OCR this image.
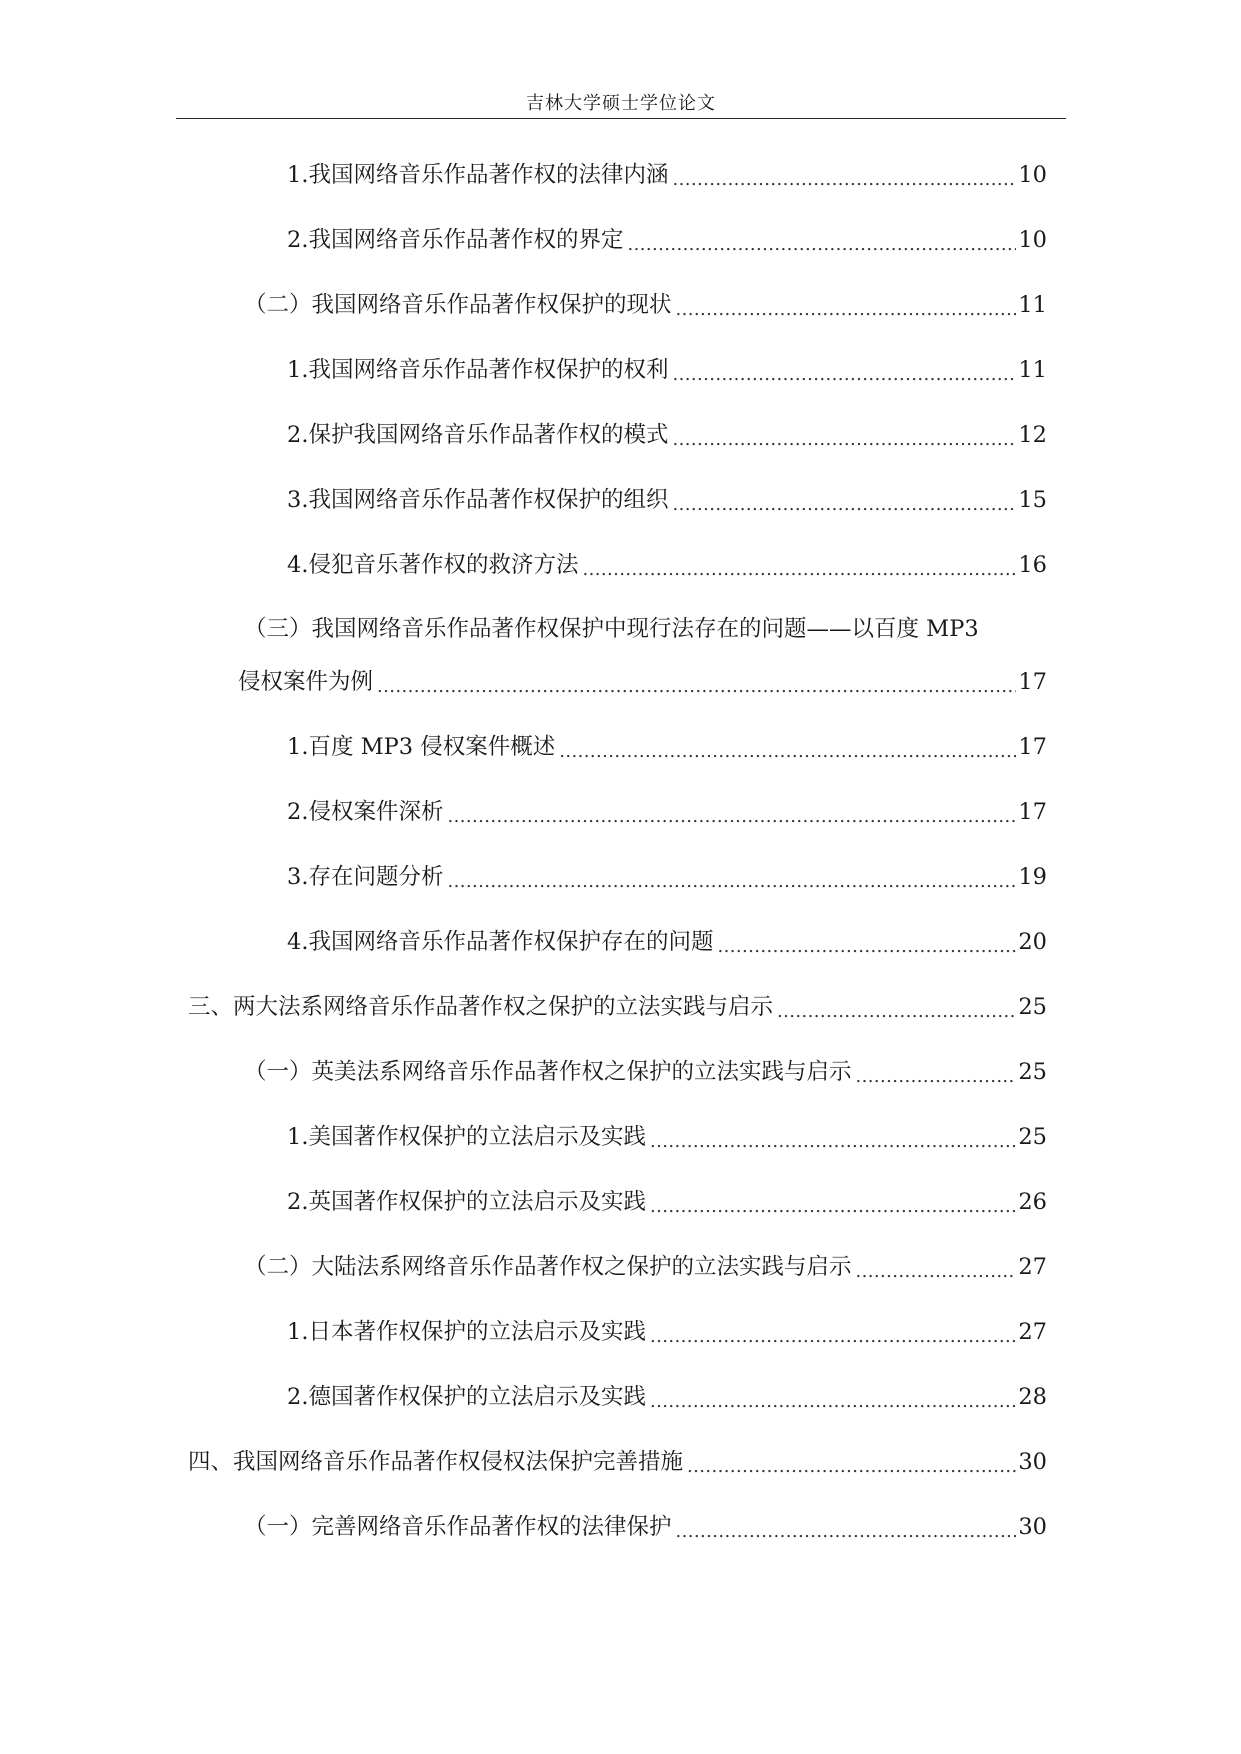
吉林大学硕士学位论文
1.我国网络音乐作品著作权的法律内涵 .....	10
2.我国网络音乐作品著作权的界定 .....	10
（二）我国网络音乐作品著作权保护的现状 .....	11
1.我国网络音乐作品著作权保护的权利 .....	11
2.保护我国网络音乐作品著作权的模式 .....	12
3.我国网络音乐作品著作权保护的组织 .....	15
4.侵犯音乐著作权的救济方法 .....	16
（三）我国网络音乐作品著作权保护中现行法存在的问题——以百度 MP3
侵权案件为例 .....	17
1.百度 MP3 侵权案件概述 .....	17
2.侵权案件深析 .....	17
3.存在问题分析 .....	19
4.我国网络音乐作品著作权保护存在的问题 .....	20
三、两大法系网络音乐作品著作权之保护的立法实践与启示 .....	25
（一）英美法系网络音乐作品著作权之保护的立法实践与启示 .....	25
1.美国著作权保护的立法启示及实践 .....	25
2.英国著作权保护的立法启示及实践 .....	26
（二）大陆法系网络音乐作品著作权之保护的立法实践与启示 .....	27
1.日本著作权保护的立法启示及实践 .....	27
2.德国著作权保护的立法启示及实践 .....	28
四、我国网络音乐作品著作权侵权法保护完善措施 .....	30
（一）完善网络音乐作品著作权的法律保护 .....	30
